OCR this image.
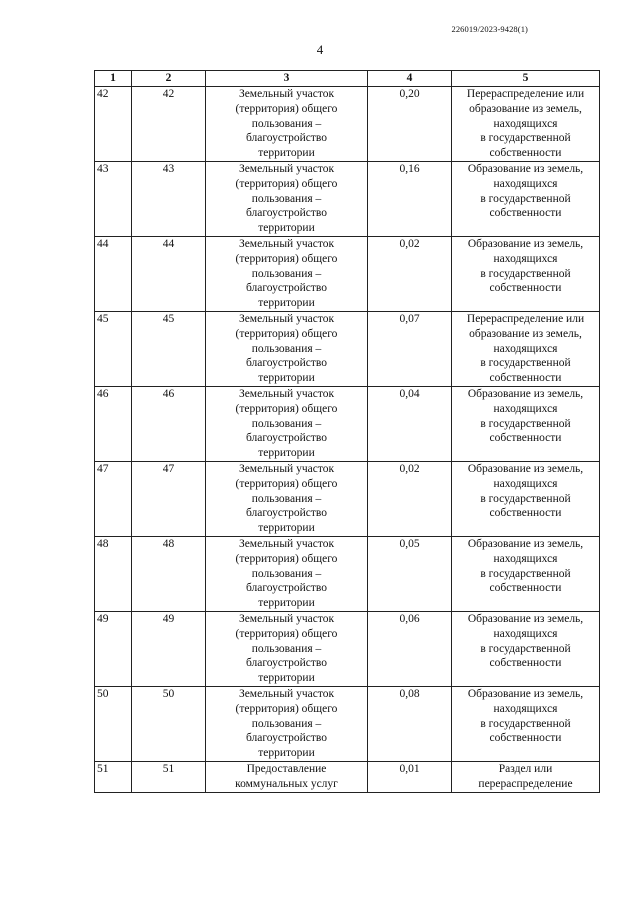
226019/2023-9428(1)
4
1	2	3	4	5

42	42	Земельный участок
(территория) общего
пользования –
благоустройство
территории	0,20	Перераспределение или
образование из земель,
находящихся
в государственной
собственности

43	43	Земельный участок
(территория) общего
пользования –
благоустройство
территории	0,16	Образование из земель,
находящихся
в государственной
собственности

44	44	Земельный участок
(территория) общего
пользования –
благоустройство
территории	0,02	Образование из земель,
находящихся
в государственной
собственности

45	45	Земельный участок
(территория) общего
пользования –
благоустройство
территории	0,07	Перераспределение или
образование из земель,
находящихся
в государственной
собственности

46	46	Земельный участок
(территория) общего
пользования –
благоустройство
территории	0,04	Образование из земель,
находящихся
в государственной
собственности

47	47	Земельный участок
(территория) общего
пользования –
благоустройство
территории	0,02	Образование из земель,
находящихся
в государственной
собственности

48	48	Земельный участок
(территория) общего
пользования –
благоустройство
территории	0,05	Образование из земель,
находящихся
в государственной
собственности

49	49	Земельный участок
(территория) общего
пользования –
благоустройство
территории	0,06	Образование из земель,
находящихся
в государственной
собственности

50	50	Земельный участок
(территория) общего
пользования –
благоустройство
территории	0,08	Образование из земель,
находящихся
в государственной
собственности

51	51	Предоставление
коммунальных услуг	0,01	Раздел или
перераспределение
